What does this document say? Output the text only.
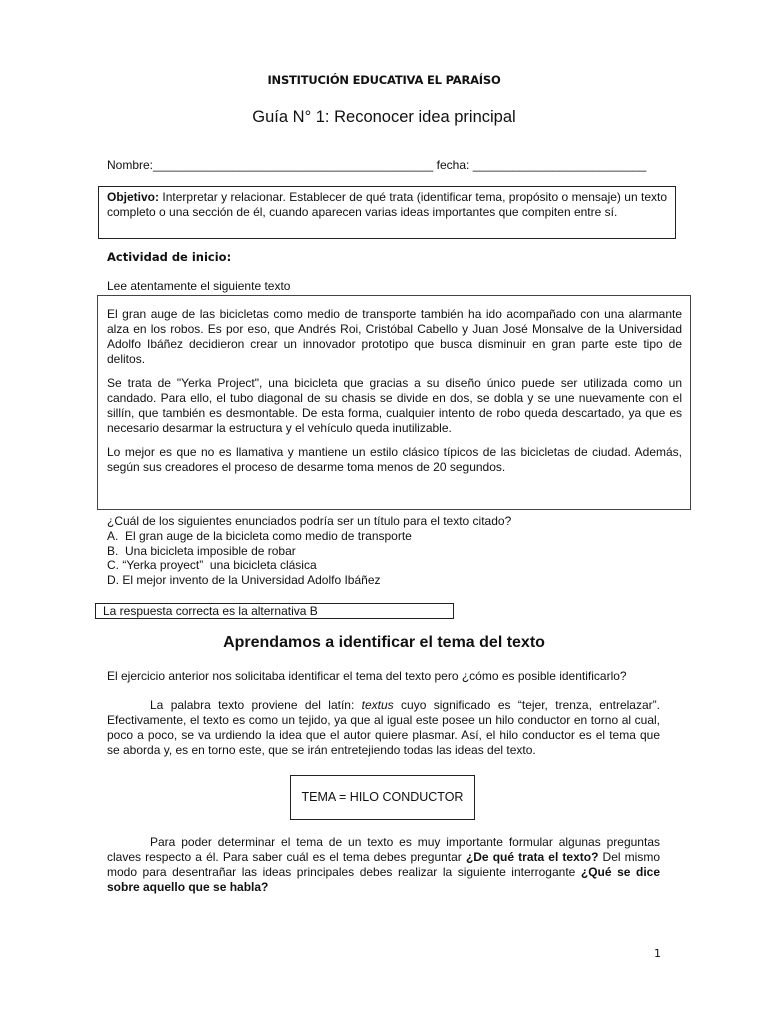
INSTITUCIÓN EDUCATIVA EL PARAÍSO
Guía N° 1: Reconocer idea principal
Nombre:__________________________________________ fecha: __________________________
Objetivo: Interpretar y relacionar. Establecer de qué trata (identificar tema, propósito o mensaje) un texto completo o una sección de él, cuando aparecen varias ideas importantes que compiten entre sí.
Actividad de inicio:
Lee atentamente el siguiente texto

El gran auge de las bicicletas como medio de transporte también ha ido acompañado con una alarmante alza en los robos. Es por eso, que Andrés Roi, Cristóbal Cabello y Juan José Monsalve de la Universidad Adolfo Ibáñez decidieron crear un innovador prototipo que busca disminuir en gran parte este tipo de delitos.

Se trata de "Yerka Project", una bicicleta que gracias a su diseño único puede ser utilizada como un candado. Para ello, el tubo diagonal de su chasis se divide en dos, se dobla y se une nuevamente con el sillín, que también es desmontable. De esta forma, cualquier intento de robo queda descartado, ya que es necesario desarmar la estructura y el vehículo queda inutilizable.

Lo mejor es que no es llamativa y mantiene un estilo clásico típicos de las bicicletas de ciudad. Además, según sus creadores el proceso de desarme toma menos de 20 segundos.

¿Cuál de los siguientes enunciados podría ser un título para el texto citado?
A.  El gran auge de la bicicleta como medio de transporte
B.  Una bicicleta imposible de robar
C. “Yerka proyect”  una bicicleta clásica
D. El mejor invento de la Universidad Adolfo Ibáñez
La respuesta correcta es la alternativa B
Aprendamos a identificar el tema del texto
El ejercicio anterior nos solicitaba identificar el tema del texto pero ¿cómo es posible identificarlo?
La palabra texto proviene del latín: textus cuyo significado es “tejer, trenza, entrelazar”. Efectivamente, el texto es como un tejido, ya que al igual este posee un hilo conductor en torno al cual, poco a poco, se va urdiendo la idea que el autor quiere plasmar. Así, el hilo conductor es el tema que se aborda y, es en torno este, que se irán entretejiendo todas las ideas del texto.
TEMA = HILO CONDUCTOR
Para poder determinar el tema de un texto es muy importante formular algunas preguntas claves respecto a él. Para saber cuál es el tema debes preguntar ¿De qué trata el texto? Del mismo modo para desentrañar las ideas principales debes realizar la siguiente interrogante ¿Qué se dice sobre aquello que se habla?
1
